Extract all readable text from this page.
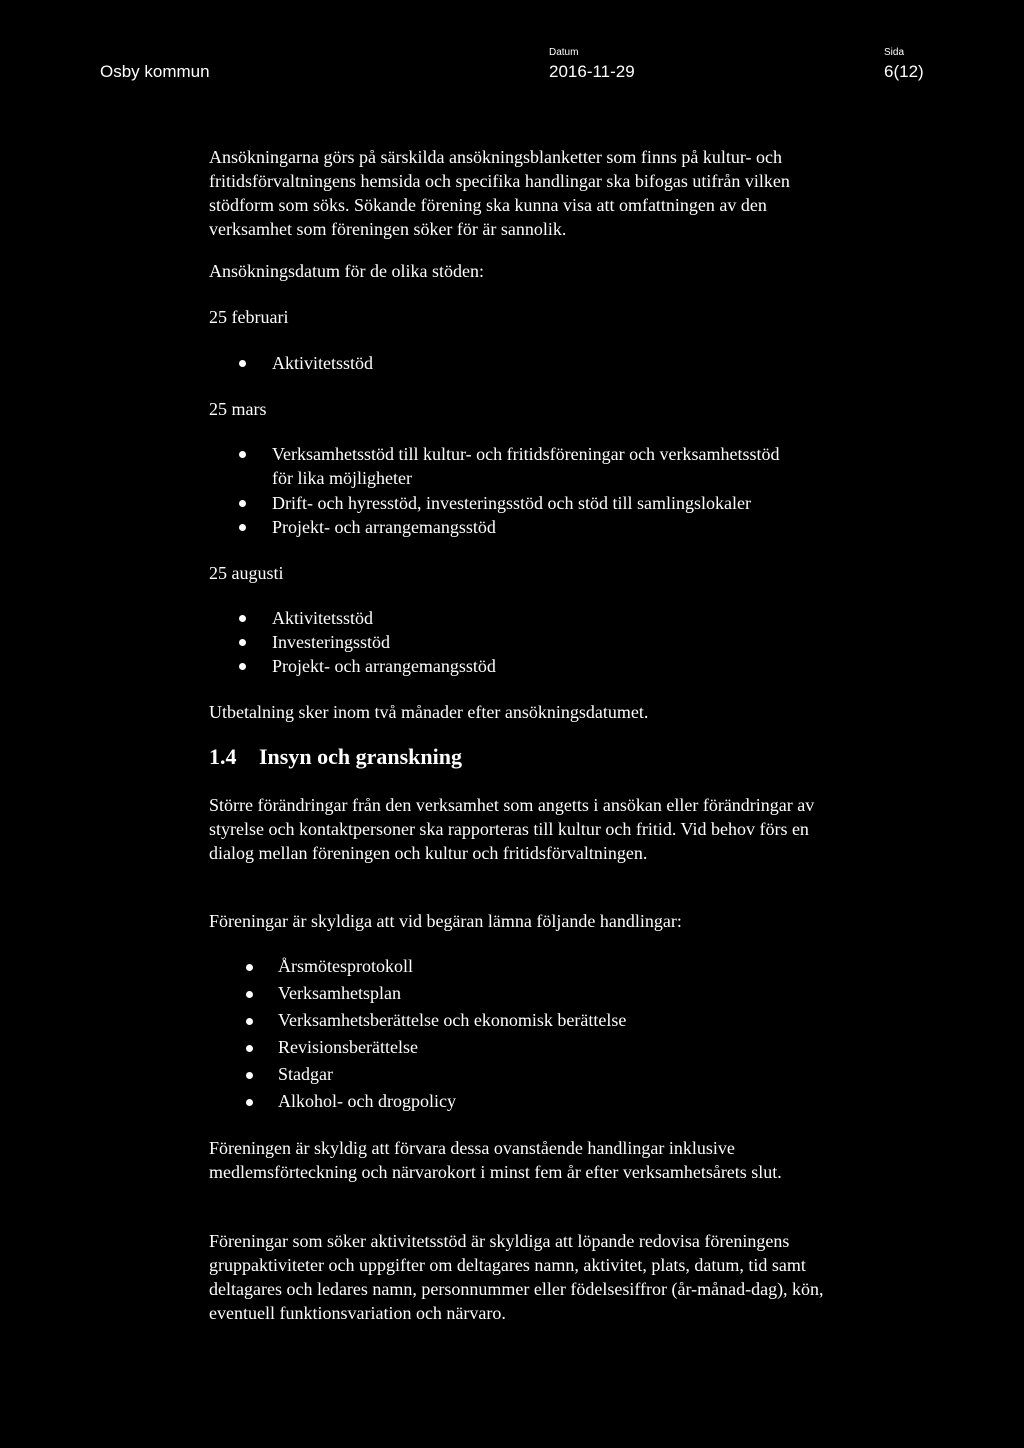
Osby kommun
Datum
2016-11-29
Sida
6(12)

Ansökningarna görs på särskilda ansökningsblanketter som finns på kultur- och fritidsförvaltningens hemsida och specifika handlingar ska bifogas utifrån vilken stödform som söks. Sökande förening ska kunna visa att omfattningen av den verksamhet som föreningen söker för är sannolik.

Ansökningsdatum för de olika stöden:

25 februari

Aktivitetsstöd

25 mars

Verksamhetsstöd till kultur- och fritidsföreningar och verksamhetsstöd för lika möjligheter
Drift- och hyresstöd, investeringsstöd och stöd till samlingslokaler
Projekt- och arrangemangsstöd

25 augusti

Aktivitetsstöd
Investeringsstöd
Projekt- och arrangemangsstöd

Utbetalning sker inom två månader efter ansökningsdatumet.

1.4 Insyn och granskning

Större förändringar från den verksamhet som angetts i ansökan eller förändringar av styrelse och kontaktpersoner ska rapporteras till kultur och fritid. Vid behov förs en dialog mellan föreningen och kultur och fritidsförvaltningen.

Föreningar är skyldiga att vid begäran lämna följande handlingar:

Årsmötesprotokoll
Verksamhetsplan
Verksamhetsberättelse och ekonomisk berättelse
Revisionsberättelse
Stadgar
Alkohol- och drogpolicy

Föreningen är skyldig att förvara dessa ovanstående handlingar inklusive medlemsförteckning och närvarokort i minst fem år efter verksamhetsårets slut.

Föreningar som söker aktivitetsstöd är skyldiga att löpande redovisa föreningens gruppaktiviteter och uppgifter om deltagares namn, aktivitet, plats, datum, tid samt deltagares och ledares namn, personnummer eller födelsesiffror (år-månad-dag), kön, eventuell funktionsvariation och närvaro.
